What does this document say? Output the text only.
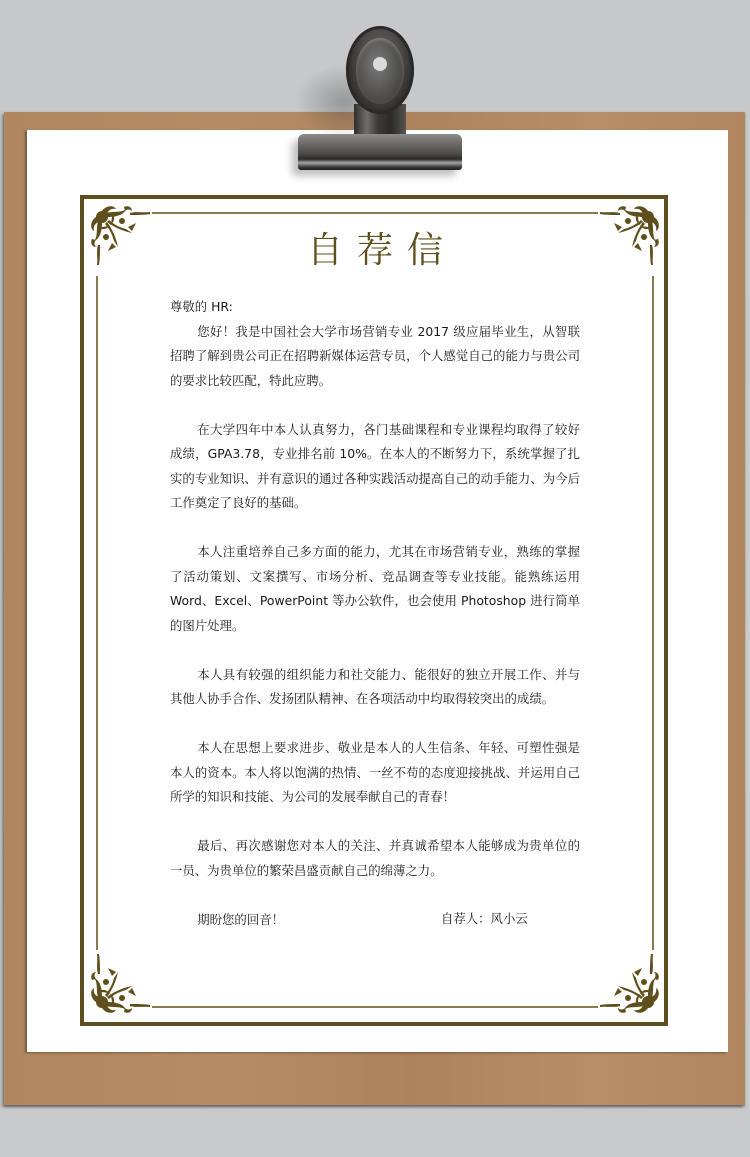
自荐信

尊敬的 HR:

您好！我是中国社会大学市场营销专业 2017 级应届毕业生，从智联招聘了解到贵公司正在招聘新媒体运营专员，个人感觉自己的能力与贵公司的要求比较匹配，特此应聘。

在大学四年中本人认真努力，各门基础课程和专业课程均取得了较好成绩，GPA3.78，专业排名前 10%。在本人的不断努力下，系统掌握了扎实的专业知识、并有意识的通过各种实践活动提高自己的动手能力、为今后工作奠定了良好的基础。

本人注重培养自己多方面的能力，尤其在市场营销专业，熟练的掌握了活动策划、文案撰写、市场分析、竞品调查等专业技能。能熟练运用 Word、Excel、PowerPoint 等办公软件，也会使用 Photoshop 进行简单的图片处理。

本人具有较强的组织能力和社交能力、能很好的独立开展工作、并与其他人协手合作、发扬团队精神、在各项活动中均取得较突出的成绩。

本人在思想上要求进步、敬业是本人的人生信条、年轻、可塑性强是本人的资本。本人将以饱满的热情、一丝不苟的态度迎接挑战、并运用自己所学的知识和技能、为公司的发展奉献自己的青春！

最后、再次感谢您对本人的关注、并真诚希望本人能够成为贵单位的一员、为贵单位的繁荣昌盛贡献自己的绵薄之力。

期盼您的回音！	自荐人：风小云
